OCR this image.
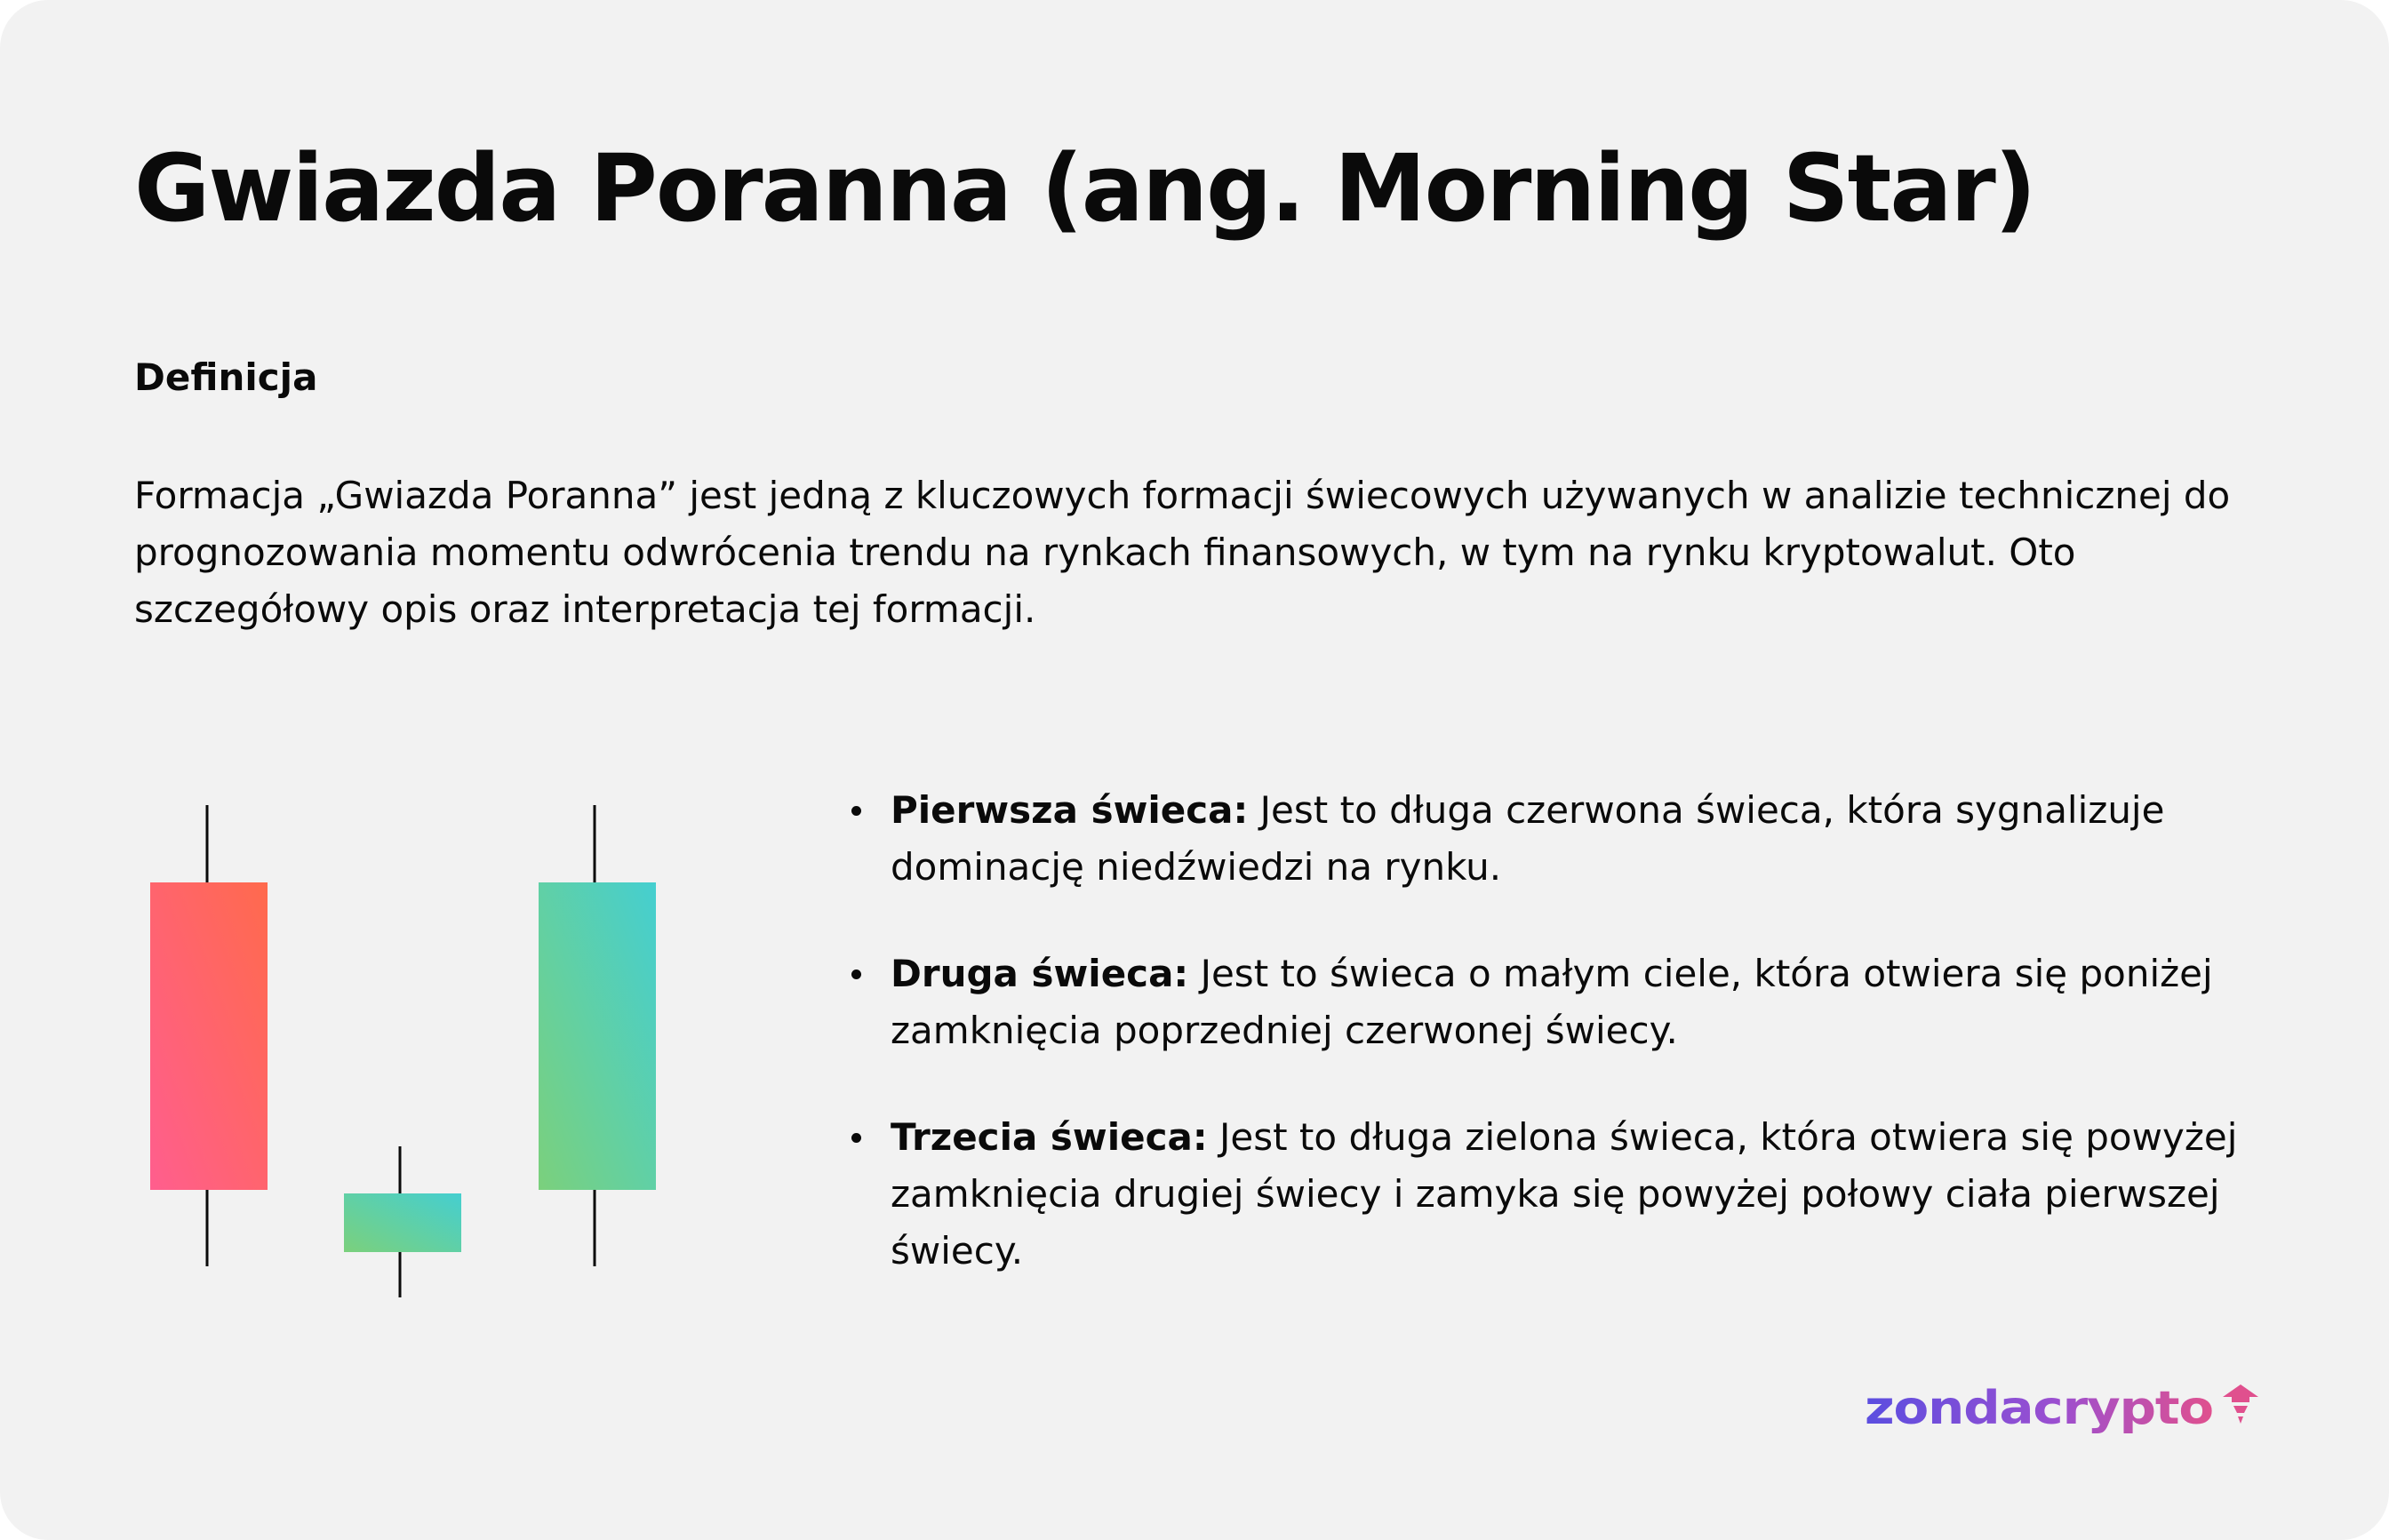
Gwiazda Poranna (ang. Morning Star)
Definicja

Formacja „Gwiazda Poranna” jest jedną z kluczowych formacji świecowych używanych w analizie technicznej do prognozowania momentu odwrócenia trendu na rynkach finansowych, w tym na rynku kryptowalut. Oto szczegółowy opis oraz interpretacja tej formacji.

Pierwsza świeca: Jest to długa czerwona świeca, która sygnalizuje dominację niedźwiedzi na rynku.
Druga świeca: Jest to świeca o małym ciele, która otwiera się poniżej zamknięcia poprzedniej czerwonej świecy.
Trzecia świeca: Jest to długa zielona świeca, która otwiera się powyżej zamknięcia drugiej świecy i zamyka się powyżej połowy ciała pierwszej świecy.
zondacrypto
